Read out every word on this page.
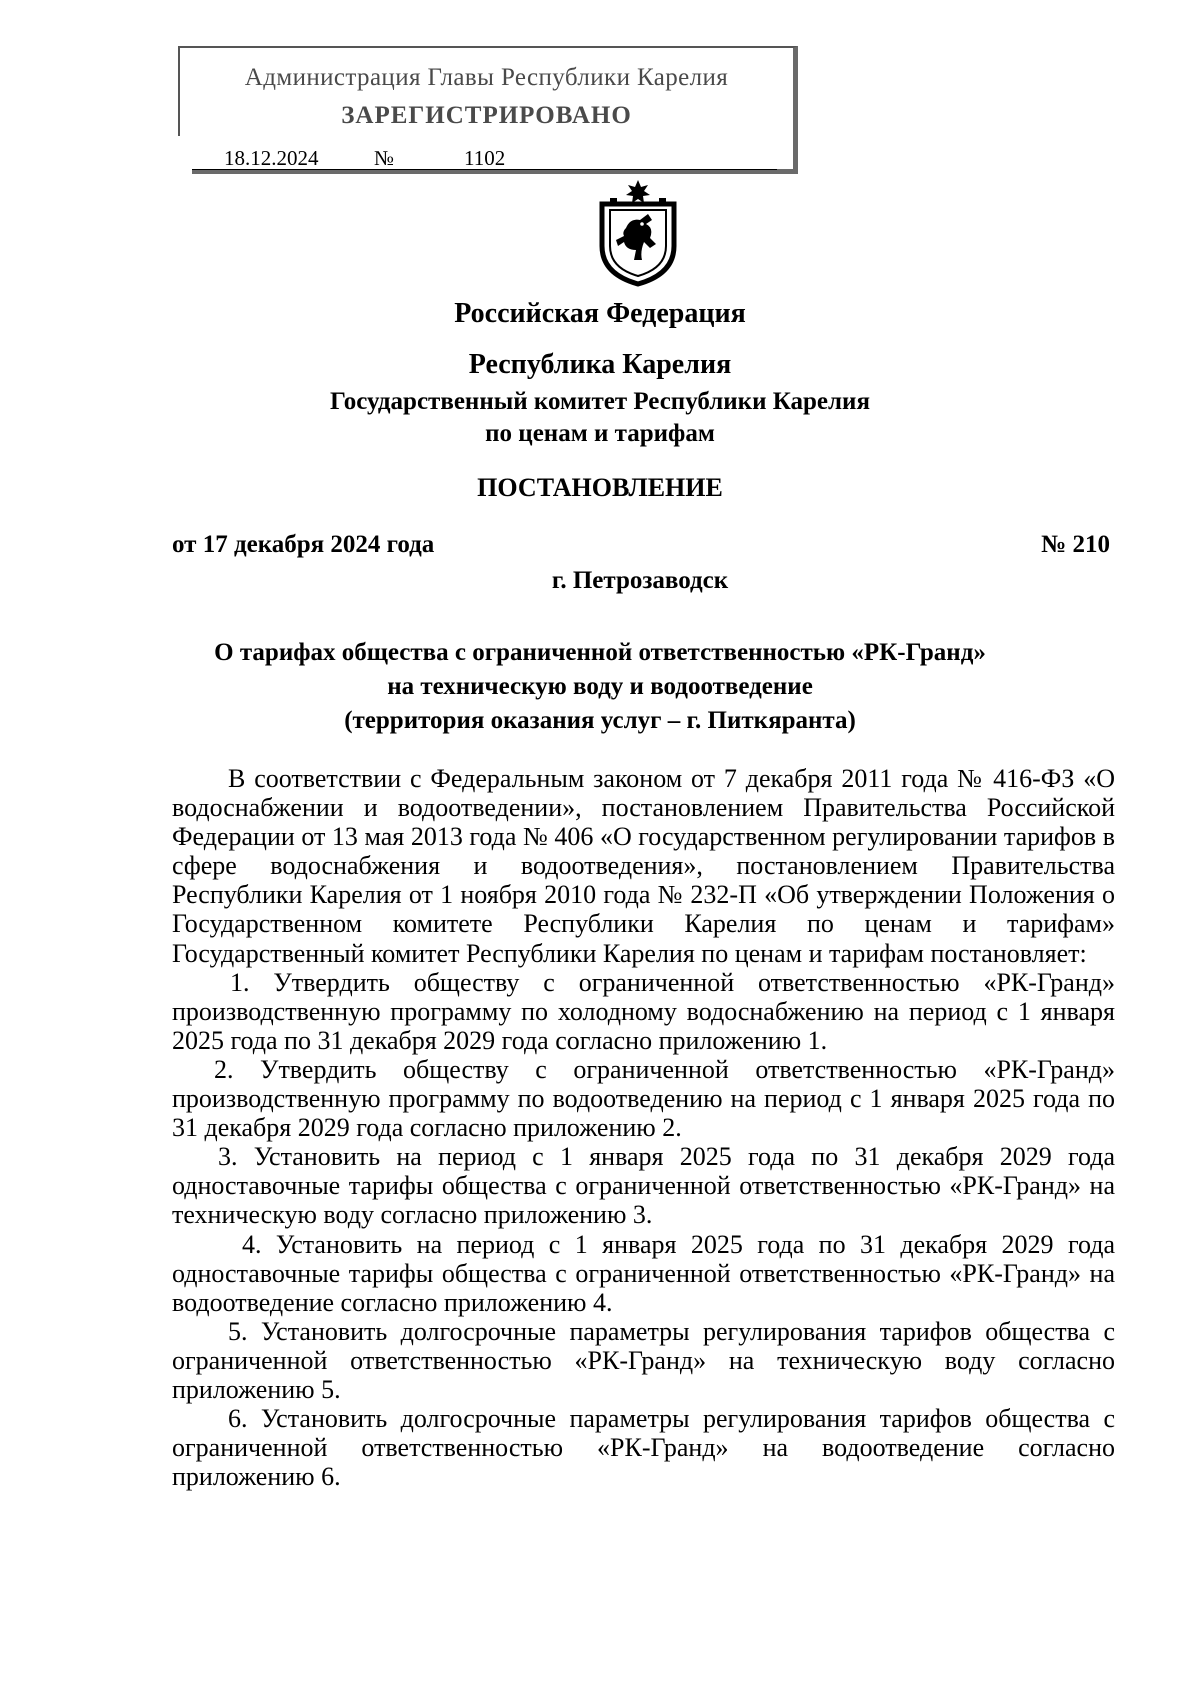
Администрация Главы Республики Карелия
ЗАРЕГИСТРИРОВАНО
18.12.2024	№	1102
Российская Федерация
Республика Карелия
Государственный комитет Республики Карелия
по ценам и тарифам
ПОСТАНОВЛЕНИЕ
от 17 декабря 2024 года	№ 210
г. Петрозаводск
О тарифах общества с ограниченной ответственностью «РК-Гранд»
на техническую воду и водоотведение
(территория оказания услуг – г. Питкяранта)

В соответствии с Федеральным законом от 7 декабря 2011 года № 416-ФЗ «О водоснабжении и водоотведении», постановлением Правительства Российской Федерации от 13 мая 2013 года № 406 «О государственном регулировании тарифов в сфере водоснабжения и водоотведения», постановлением Правительства Республики Карелия от 1 ноября 2010 года № 232-П «Об утверждении Положения о Государственном комитете Республики Карелия по ценам и тарифам» Государственный комитет Республики Карелия по ценам и тарифам постановляет:

1. Утвердить обществу с ограниченной ответственностью «РК-Гранд» производственную программу по холодному водоснабжению на период с 1 января 2025 года по 31 декабря 2029 года согласно приложению 1.

2. Утвердить обществу с ограниченной ответственностью «РК-Гранд» производственную программу по водоотведению на период с 1 января 2025 года по 31 декабря 2029 года согласно приложению 2.

3. Установить на период с 1 января 2025 года по 31 декабря 2029 года одноставочные тарифы общества с ограниченной ответственностью «РК-Гранд» на техническую воду согласно приложению 3.

4. Установить на период с 1 января 2025 года по 31 декабря 2029 года одноставочные тарифы общества с ограниченной ответственностью «РК-Гранд» на водоотведение согласно приложению 4.

5. Установить долгосрочные параметры регулирования тарифов общества с ограниченной ответственностью «РК-Гранд» на техническую воду согласно приложению 5.

6. Установить долгосрочные параметры регулирования тарифов общества с ограниченной ответственностью «РК-Гранд» на водоотведение согласно приложению 6.
